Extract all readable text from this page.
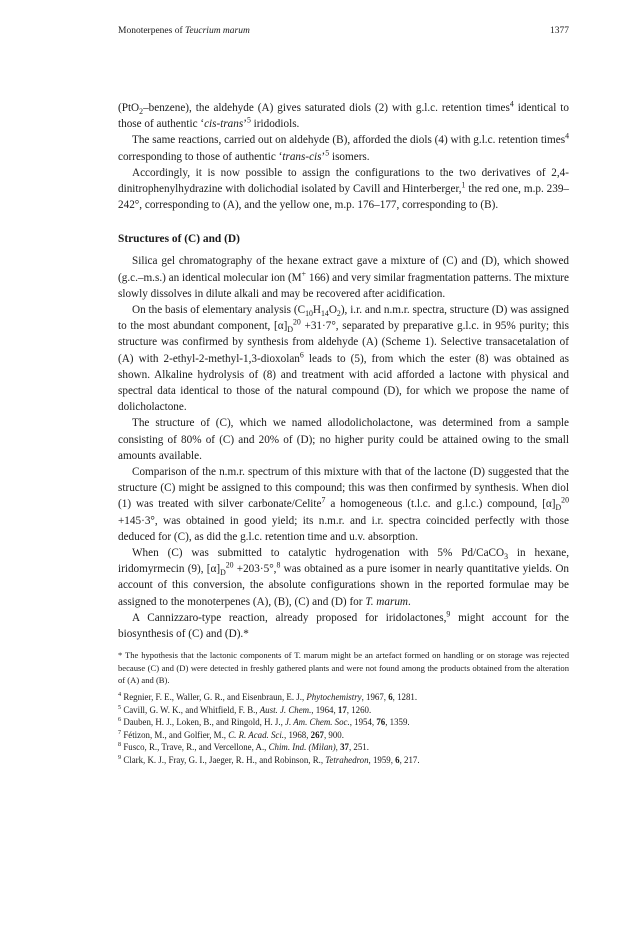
Monoterpenes of Teucrium marum	1377

(PtO$_2$–benzene), the aldehyde (A) gives saturated diols (2) with g.l.c. retention times$^4$ identical to those of authentic ‘cis-trans’$^5$ iridodiols.

The same reactions, carried out on aldehyde (B), afforded the diols (4) with g.l.c. retention times$^4$ corresponding to those of authentic ‘trans-cis’$^5$ isomers.

Accordingly, it is now possible to assign the configurations to the two derivatives of 2,4-dinitrophenylhydrazine with dolichodial isolated by Cavill and Hinterberger,$^1$ the red one, m.p. 239–242°, corresponding to (A), and the yellow one, m.p. 176–177, corresponding to (B).

Structures of (C) and (D)

Silica gel chromatography of the hexane extract gave a mixture of (C) and (D), which showed (g.c.–m.s.) an identical molecular ion (M+ 166) and very similar fragmentation patterns. The mixture slowly dissolves in dilute alkali and may be recovered after acidification.

On the basis of elementary analysis $(C_{10}H_{14}O_2)$, i.r. and n.m.r. spectra, structure (D) was assigned to the most abundant component, $[\alpha]_D^{20} +31\cdot 7^\circ$, separated by preparative g.l.c. in 95% purity; this structure was confirmed by synthesis from aldehyde (A) (Scheme 1). Selective transacetalation of (A) with 2-ethyl-2-methyl-1,3-dioxolan$^6$ leads to (5), from which the ester (8) was obtained as shown. Alkaline hydrolysis of (8) and treatment with acid afforded a lactone with physical and spectral data identical to those of the natural compound (D), for which we propose the name of dolicholactone.

The structure of (C), which we named allodolicholactone, was determined from a sample consisting of 80% of (C) and 20% of (D); no higher purity could be attained owing to the small amounts available.

Comparison of the n.m.r. spectrum of this mixture with that of the lactone (D) suggested that the structure (C) might be assigned to this compound; this was then confirmed by synthesis. When diol (1) was treated with silver carbonate/Celite$^7$ a homogeneous (t.l.c. and g.l.c.) compound, $[\alpha]_D^{20} +145\cdot 3^\circ$, was obtained in good yield; its n.m.r. and i.r. spectra coincided perfectly with those deduced for (C), as did the g.l.c. retention time and u.v. absorption.

When (C) was submitted to catalytic hydrogenation with 5% Pd/CaCO$_3$ in hexane, iridomyrmecin (9), $[\alpha]_D^{20} +203\cdot 5^\circ,^8$ was obtained as a pure isomer in nearly quantitative yields. On account of this conversion, the absolute configurations shown in the reported formulae may be assigned to the monoterpenes (A), (B), (C) and (D) for T. marum.

A Cannizzaro-type reaction, already proposed for iridolactones,$^9$ might account for the biosynthesis of (C) and (D).*

* The hypothesis that the lactonic components of T. marum might be an artefact formed on handling or on storage was rejected because (C) and (D) were detected in freshly gathered plants and were not found among the products obtained from the alteration of (A) and (B).
$^4$ Regnier, F. E., Waller, G. R., and Eisenbraun, E. J., Phytochemistry, 1967, 6, 1281.
$^5$ Cavill, G. W. K., and Whitfield, F. B., Aust. J. Chem., 1964, 17, 1260.
$^6$ Dauben, H. J., Loken, B., and Ringold, H. J., J. Am. Chem. Soc., 1954, 76, 1359.
$^7$ Fétizon, M., and Golfier, M., C. R. Acad. Sci., 1968, 267, 900.
$^8$ Fusco, R., Trave, R., and Vercellone, A., Chim. Ind. (Milan), 37, 251.
$^9$ Clark, K. J., Fray, G. I., Jaeger, R. H., and Robinson, R., Tetrahedron, 1959, 6, 217.
